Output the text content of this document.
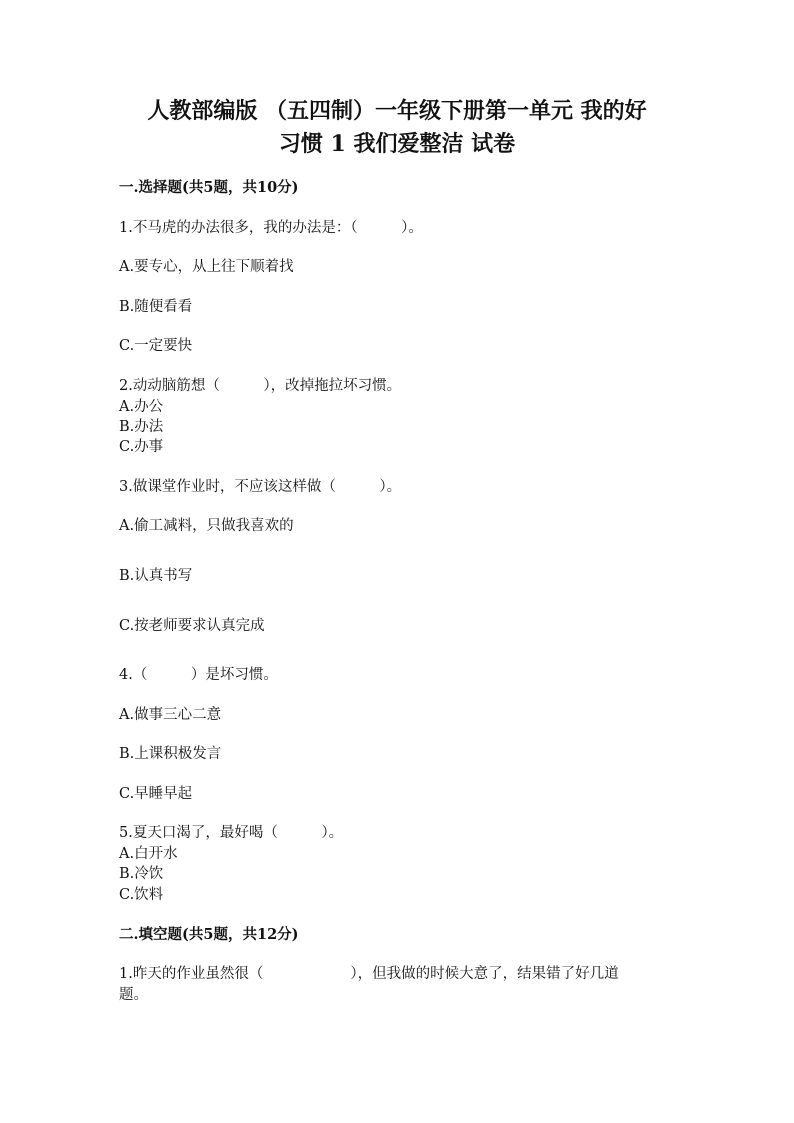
人教部编版 （五四制）一年级下册第一单元 我的好
习惯 1 我们爱整洁 试卷
一.选择题(共5题，共10分)
1.不马虎的办法很多，我的办法是：（　　　）。
A.要专心，从上往下顺着找
B.随便看看
C.一定要快
2.动动脑筋想（　　　），改掉拖拉坏习惯。
A.办公
B.办法
C.办事
3.做课堂作业时，不应该这样做（　　　）。
A.偷工减料，只做我喜欢的
B.认真书写
C.按老师要求认真完成
4.（　　　）是坏习惯。
A.做事三心二意
B.上课积极发言
C.早睡早起
5.夏天口渴了，最好喝（　　　）。
A.白开水
B.冷饮
C.饮料
二.填空题(共5题，共12分)
1.昨天的作业虽然很（　　　　　　），但我做的时候大意了，结果错了好几道
题。
